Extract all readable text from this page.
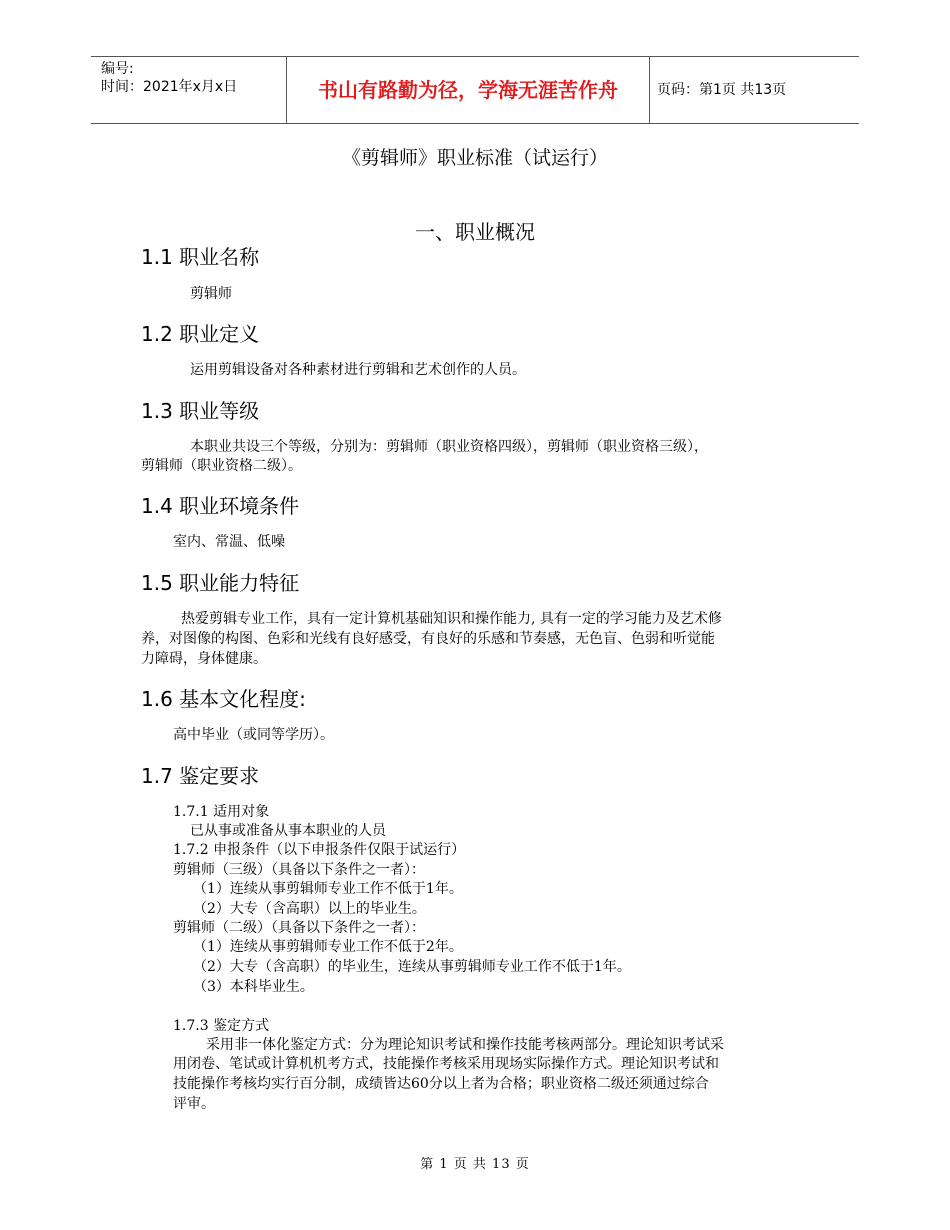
编号:
时间：2021年x月x日	书山有路勤为径，学海无涯苦作舟	页码：第1页 共13页
《剪辑师》职业标准（试运行）
一、职业概况
1.1 职业名称
剪辑师
1.2 职业定义
运用剪辑设备对各种素材进行剪辑和艺术创作的人员。
1.3 职业等级
本职业共设三个等级，分别为：剪辑师（职业资格四级），剪辑师（职业资格三级），
剪辑师（职业资格二级）。
1.4 职业环境条件
室内、常温、低噪
1.5 职业能力特征
热爱剪辑专业工作，具有一定计算机基础知识和操作能力, 具有一定的学习能力及艺术修
养，对图像的构图、色彩和光线有良好感受，有良好的乐感和节奏感，无色盲、色弱和听觉能
力障碍，身体健康。
1.6 基本文化程度:
高中毕业（或同等学历）。
1.7 鉴定要求
1.7.1 适用对象
已从事或准备从事本职业的人员
1.7.2 申报条件（以下申报条件仅限于试运行）
剪辑师（三级）（具备以下条件之一者）：
（1）连续从事剪辑师专业工作不低于1年。
（2）大专（含高职）以上的毕业生。
剪辑师（二级）（具备以下条件之一者）：
（1）连续从事剪辑师专业工作不低于2年。
（2）大专（含高职）的毕业生，连续从事剪辑师专业工作不低于1年。
（3）本科毕业生。
1.7.3 鉴定方式
采用非一体化鉴定方式：分为理论知识考试和操作技能考核两部分。理论知识考试采
用闭卷、笔试或计算机机考方式，技能操作考核采用现场实际操作方式。理论知识考试和
技能操作考核均实行百分制，成绩皆达60分以上者为合格；职业资格二级还须通过综合
评审。
第 1 页 共 13 页
